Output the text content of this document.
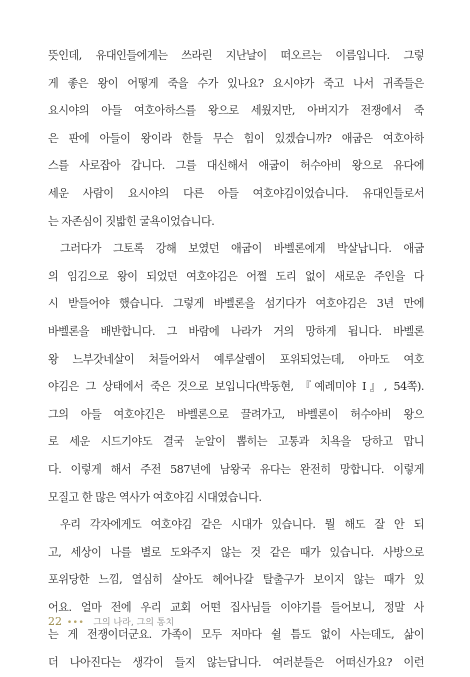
뜻인데, 유대인들에게는 쓰라린 지난날이 떠오르는 이름입니다. 그렇
게 좋은 왕이 어떻게 죽을 수가 있나요? 요시야가 죽고 나서 귀족들은
요시야의 아들 여호아하스를 왕으로 세웠지만, 아버지가 전쟁에서 죽
은 판에 아들이 왕이라 한들 무슨 힘이 있겠습니까? 애굽은 여호아하
스를 사로잡아 갑니다. 그를 대신해서 애굽이 허수아비 왕으로 유다에
세운 사람이 요시야의 다른 아들 여호야김이었습니다. 유대인들로서
는 자존심이 짓밟힌 굴욕이었습니다.
그러다가 그토록 강해 보였던 애굽이 바벨론에게 박살납니다. 애굽
의 임김으로 왕이 되었던 여호야김은 어쩔 도리 없이 새로운 주인을 다
시 받들어야 했습니다. 그렇게 바벨론을 섬기다가 여호야김은 3년 만에
바벨론을 배반합니다. 그 바람에 나라가 거의 망하게 됩니다. 바벨론
왕 느부갓네살이 쳐들어와서 예루살렘이 포위되었는데, 아마도 여호
야김은 그 상태에서 죽은 것으로 보입니다(박동현, 『예레미야 I』, 54쪽).
그의 아들 여호야긴은 바벨론으로 끌려가고, 바벨론이 허수아비 왕으
로 세운 시드기야도 결국 눈알이 뽑히는 고통과 치욕을 당하고 맙니
다. 이렇게 해서 주전 587년에 남왕국 유다는 완전히 망합니다. 이렇게
모질고 한 많은 역사가 여호야김 시대였습니다.
우리 각자에게도 여호야김 같은 시대가 있습니다. 뭘 해도 잘 안 되
고, 세상이 나를 별로 도와주지 않는 것 같은 때가 있습니다. 사방으로
포위당한 느낌, 열심히 살아도 헤어나갈 탈출구가 보이지 않는 때가 있
어요. 얼마 전에 우리 교회 어떤 집사님들 이야기를 들어보니, 정말 사
는 게 전쟁이더군요. 가족이 모두 저마다 쉴 틈도 없이 사는데도, 삶이
더 나아진다는 생각이 들지 않는답니다. 여러분들은 어떠신가요? 이런
22 ••• 그의 나라, 그의 통치
